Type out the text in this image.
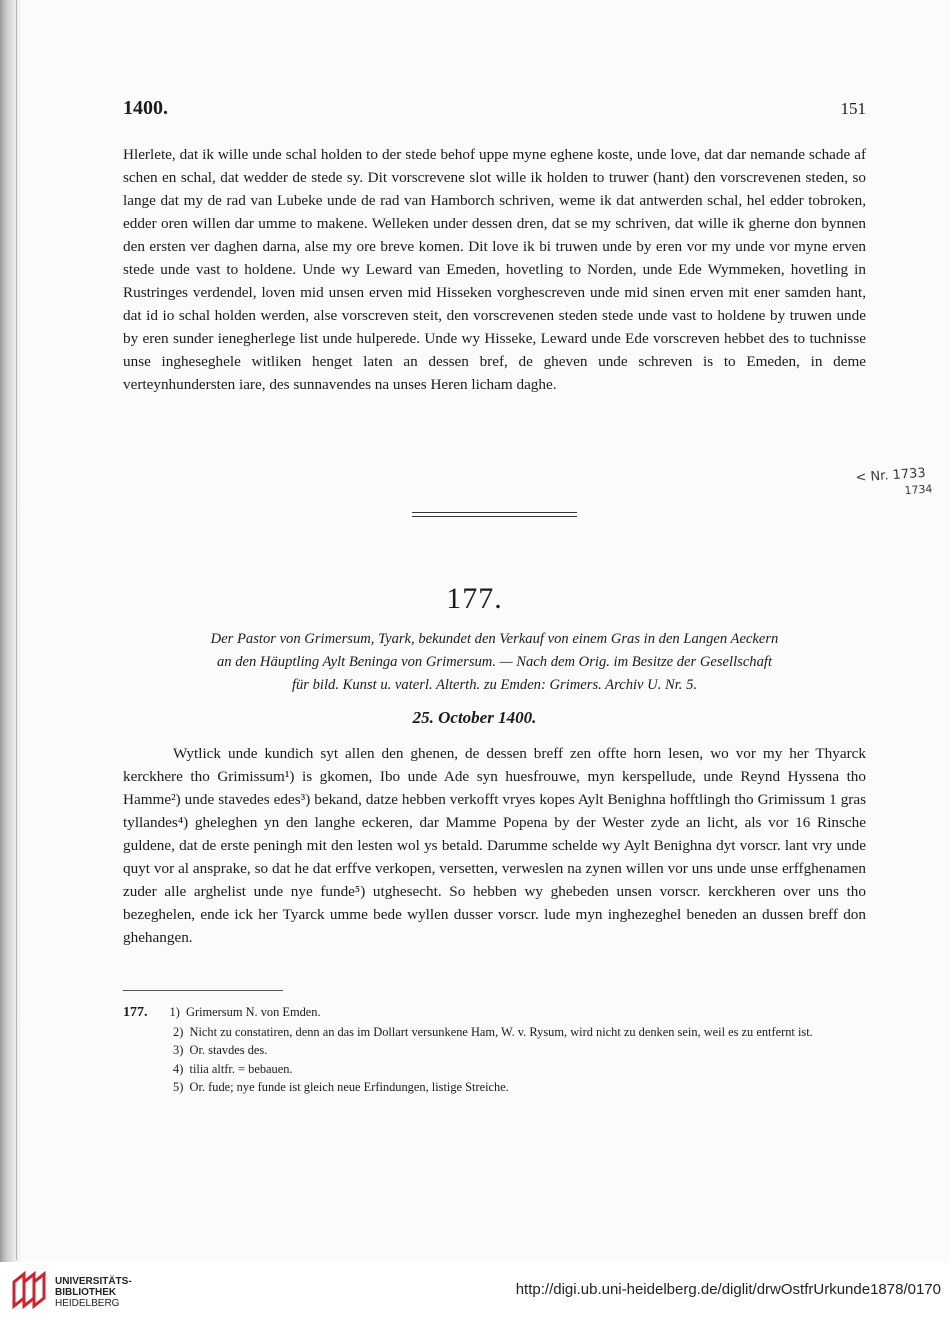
1400.	151

Hlerlete, dat ik wille unde schal holden to der stede behof uppe myne eghene koste, unde love, dat dar nemande schade af schen en schal, dat wedder de stede sy. Dit vorscrevene slot wille ik holden to truwer (hant) den vorscrevenen steden, so lange dat my de rad van Lubeke unde de rad van Hamborch schriven, weme ik dat antwerden schal, hel edder tobroken, edder oren willen dar umme to makene. Welleken under dessen dren, dat se my schriven, dat wille ik gherne don bynnen den ersten ver daghen darna, alse my ore breve komen. Dit love ik bi truwen unde by eren vor my unde vor myne erven stede unde vast to holdene. Unde wy Leward van Emeden, hovetling to Norden, unde Ede Wymmeken, hovetling in Rustringes verdendel, loven mid unsen erven mid Hisseken vorghescreven unde mid sinen erven mit ener samden hant, dat id io schal holden werden, alse vorscreven steit, den vorscrevenen steden stede unde vast to holdene by truwen unde by eren sunder ienegherlege list unde hulperede. Unde wy Hisseke, Leward unde Ede vorscreven hebbet des to tuchnisse unse ingheseghele witliken henget laten an dessen bref, de gheven unde schreven is to Emeden, in deme verteynhundersten iare, des sunnavendes na unses Heren licham daghe.

< Nr. 1733
1734
177.

Der Pastor von Grimersum, Tyark, bekundet den Verkauf von einem Gras in den Langen Aeckern

an den Häuptling Aylt Beninga von Grimersum. — Nach dem Orig. im Besitze der Gesellschaft

für bild. Kunst u. vaterl. Alterth. zu Emden: Grimers. Archiv U. Nr. 5.

25. October 1400.

Wytlick unde kundich syt allen den ghenen, de dessen breff zen offte horn lesen, wo vor my her Thyarck kerckhere tho Grimissum¹) is gkomen, Ibo unde Ade syn huesfrouwe, myn kerspellude, unde Reynd Hyssena tho Hamme²) unde stavedes edes³) bekand, datze hebben verkofft vryes kopes Aylt Benighna hofftlingh tho Grimissum 1 gras tyllandes⁴) gheleghen yn den langhe eckeren, dar Mamme Popena by der Wester zyde an licht, als vor 16 Rinsche guldene, dat de erste peningh mit den lesten wol ys betald. Darumme schelde wy Aylt Benighna dyt vorscr. lant vry unde quyt vor al ansprake, so dat he dat erffve verkopen, versetten, verweslen na zynen willen vor uns unde unse erffghenamen zuder alle arghelist unde nye funde⁵) utghesecht. So hebben wy ghebeden unsen vorscr. kerckheren over uns tho bezeghelen, ende ick her Tyarck umme bede wyllen dusser vorscr. lude myn inghezeghel beneden an dussen breff don ghehangen.

177. 1) Grimersum N. von Emden.

2) Nicht zu constatiren, denn an das im Dollart versunkene Ham, W. v. Rysum, wird nicht zu denken sein, weil es zu entfernt ist.

3) Or. stavdes des.

4) tilia altfr. = bebauen.

5) Or. fude; nye funde ist gleich neue Erfindungen, listige Streiche.

UNIVERSITÄTS-
BIBLIOTHEK
HEIDELBERG
http://digi.ub.uni-heidelberg.de/diglit/drwOstfrUrkunde1878/0170
